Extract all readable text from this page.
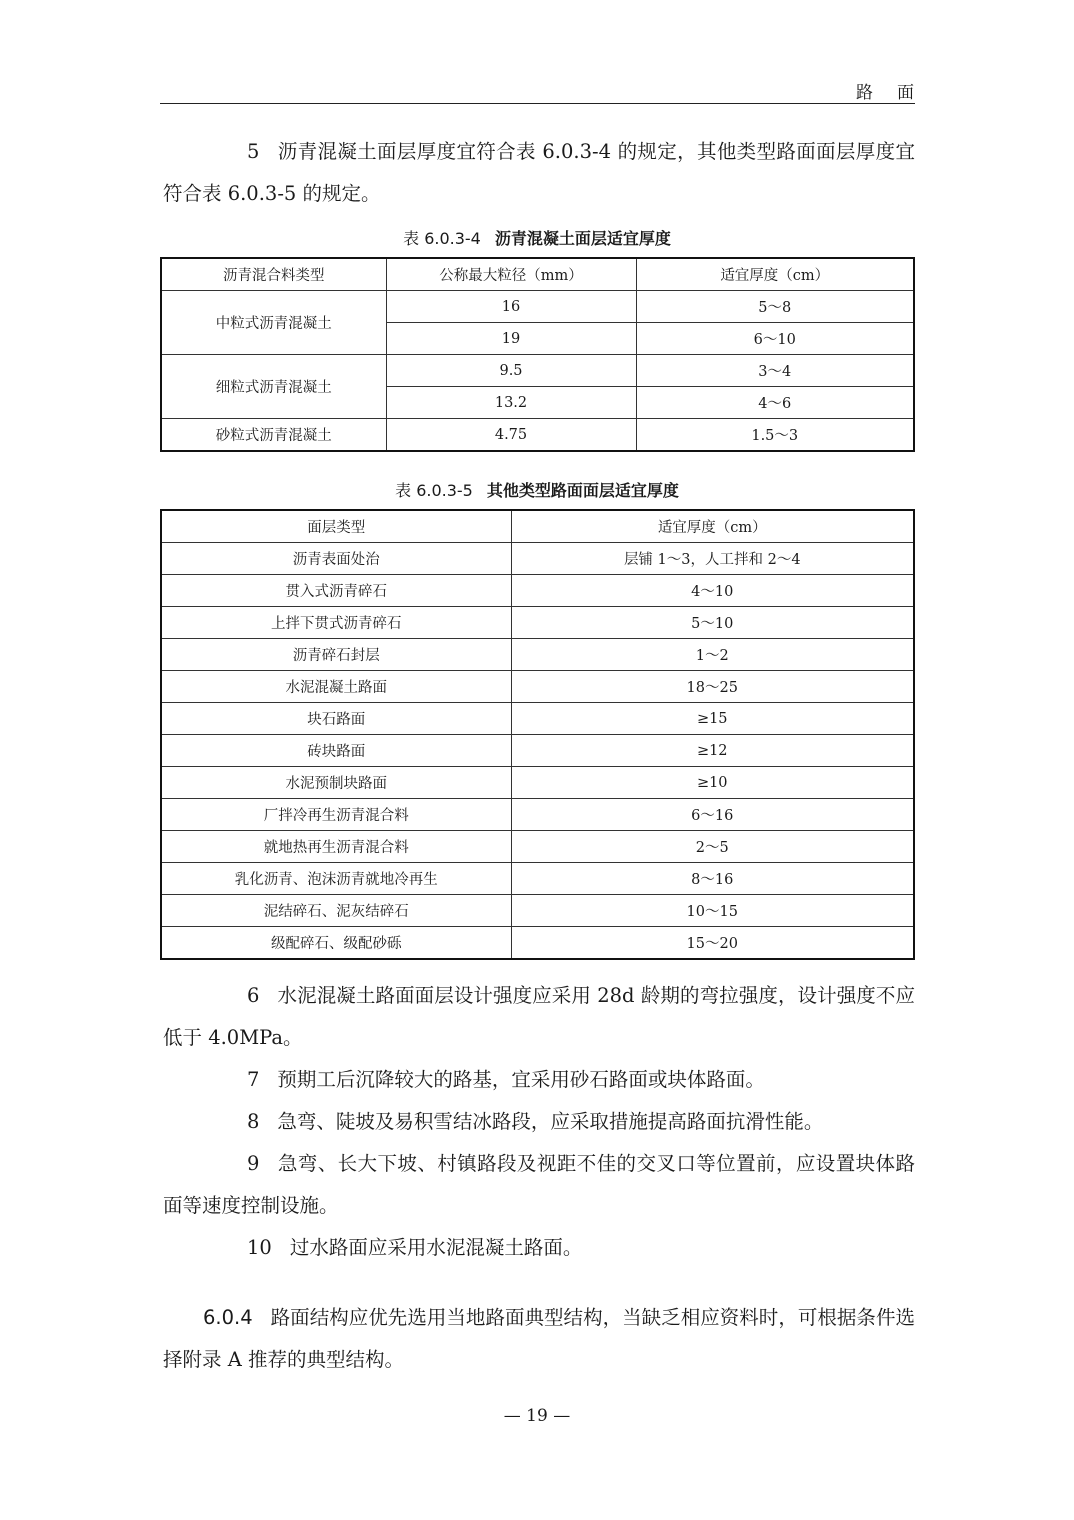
路面
5 沥青混凝土面层厚度宜符合表 6.0.3-4 的规定，其他类型路面面层厚度宜符合表 6.0.3-5 的规定。
表 6.0.3-4 沥青混凝土面层适宜厚度
沥青混合料类型	公称最大粒径（mm）	适宜厚度（cm）
中粒式沥青混凝土	16	5～8
	19	6～10
细粒式沥青混凝土	9.5	3～4
	13.2	4～6
砂粒式沥青混凝土	4.75	1.5～3
表 6.0.3-5 其他类型路面面层适宜厚度
面层类型	适宜厚度（cm）
沥青表面处治	层铺 1～3，人工拌和 2～4
贯入式沥青碎石	4～10
上拌下贯式沥青碎石	5～10
沥青碎石封层	1～2
水泥混凝土路面	18～25
块石路面	≥15
砖块路面	≥12
水泥预制块路面	≥10
厂拌冷再生沥青混合料	6～16
就地热再生沥青混合料	2～5
乳化沥青、泡沫沥青就地冷再生	8～16
泥结碎石、泥灰结碎石	10～15
级配碎石、级配砂砾	15～20
6 水泥混凝土路面面层设计强度应采用 28d 龄期的弯拉强度，设计强度不应低于 4.0MPa。
7 预期工后沉降较大的路基，宜采用砂石路面或块体路面。
8 急弯、陡坡及易积雪结冰路段，应采取措施提高路面抗滑性能。
9 急弯、长大下坡、村镇路段及视距不佳的交叉口等位置前，应设置块体路面等速度控制设施。
10 过水路面应采用水泥混凝土路面。
6.0.4 路面结构应优先选用当地路面典型结构，当缺乏相应资料时，可根据条件选择附录 A 推荐的典型结构。
— 19 —
